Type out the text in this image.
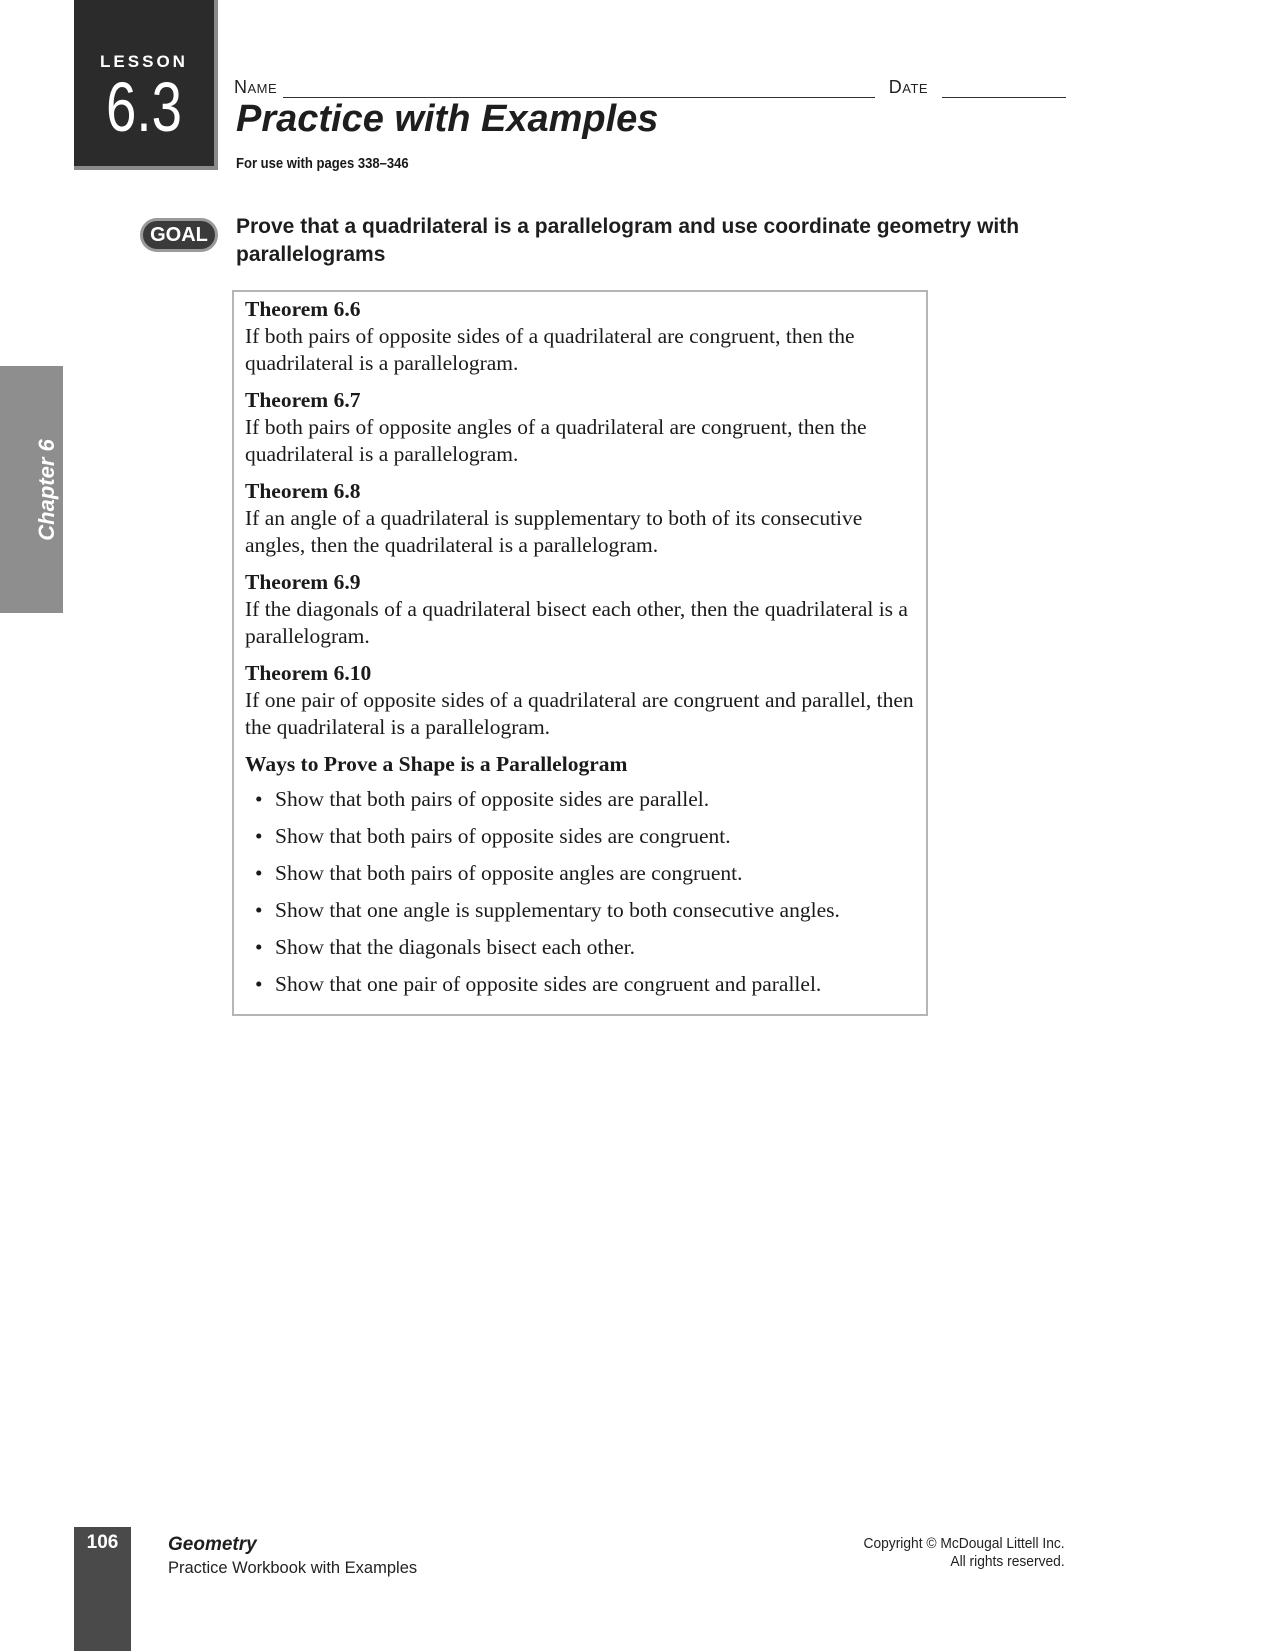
LESSON
6.3	Name	Date
Practice with Examples
For use with pages 338–346
GOAL	Prove that a quadrilateral is a parallelogram and use coordinate geometry with parallelograms
Theorem 6.6
If both pairs of opposite sides of a quadrilateral are congruent, then the quadrilateral is a parallelogram.
Theorem 6.7
If both pairs of opposite angles of a quadrilateral are congruent, then the quadrilateral is a parallelogram.
Theorem 6.8
If an angle of a quadrilateral is supplementary to both of its consecutive angles, then the quadrilateral is a parallelogram.
Theorem 6.9
If the diagonals of a quadrilateral bisect each other, then the quadrilateral is a parallelogram.
Theorem 6.10
If one pair of opposite sides of a quadrilateral are congruent and parallel, then the quadrilateral is a parallelogram.
Ways to Prove a Shape is a Parallelogram
• Show that both pairs of opposite sides are parallel.
• Show that both pairs of opposite sides are congruent.
• Show that both pairs of opposite angles are congruent.
• Show that one angle is supplementary to both consecutive angles.
• Show that the diagonals bisect each other.
• Show that one pair of opposite sides are congruent and parallel.
Chapter 6
106	Geometry
Practice Workbook with Examples
Copyright © McDougal Littell Inc.
All rights reserved.
